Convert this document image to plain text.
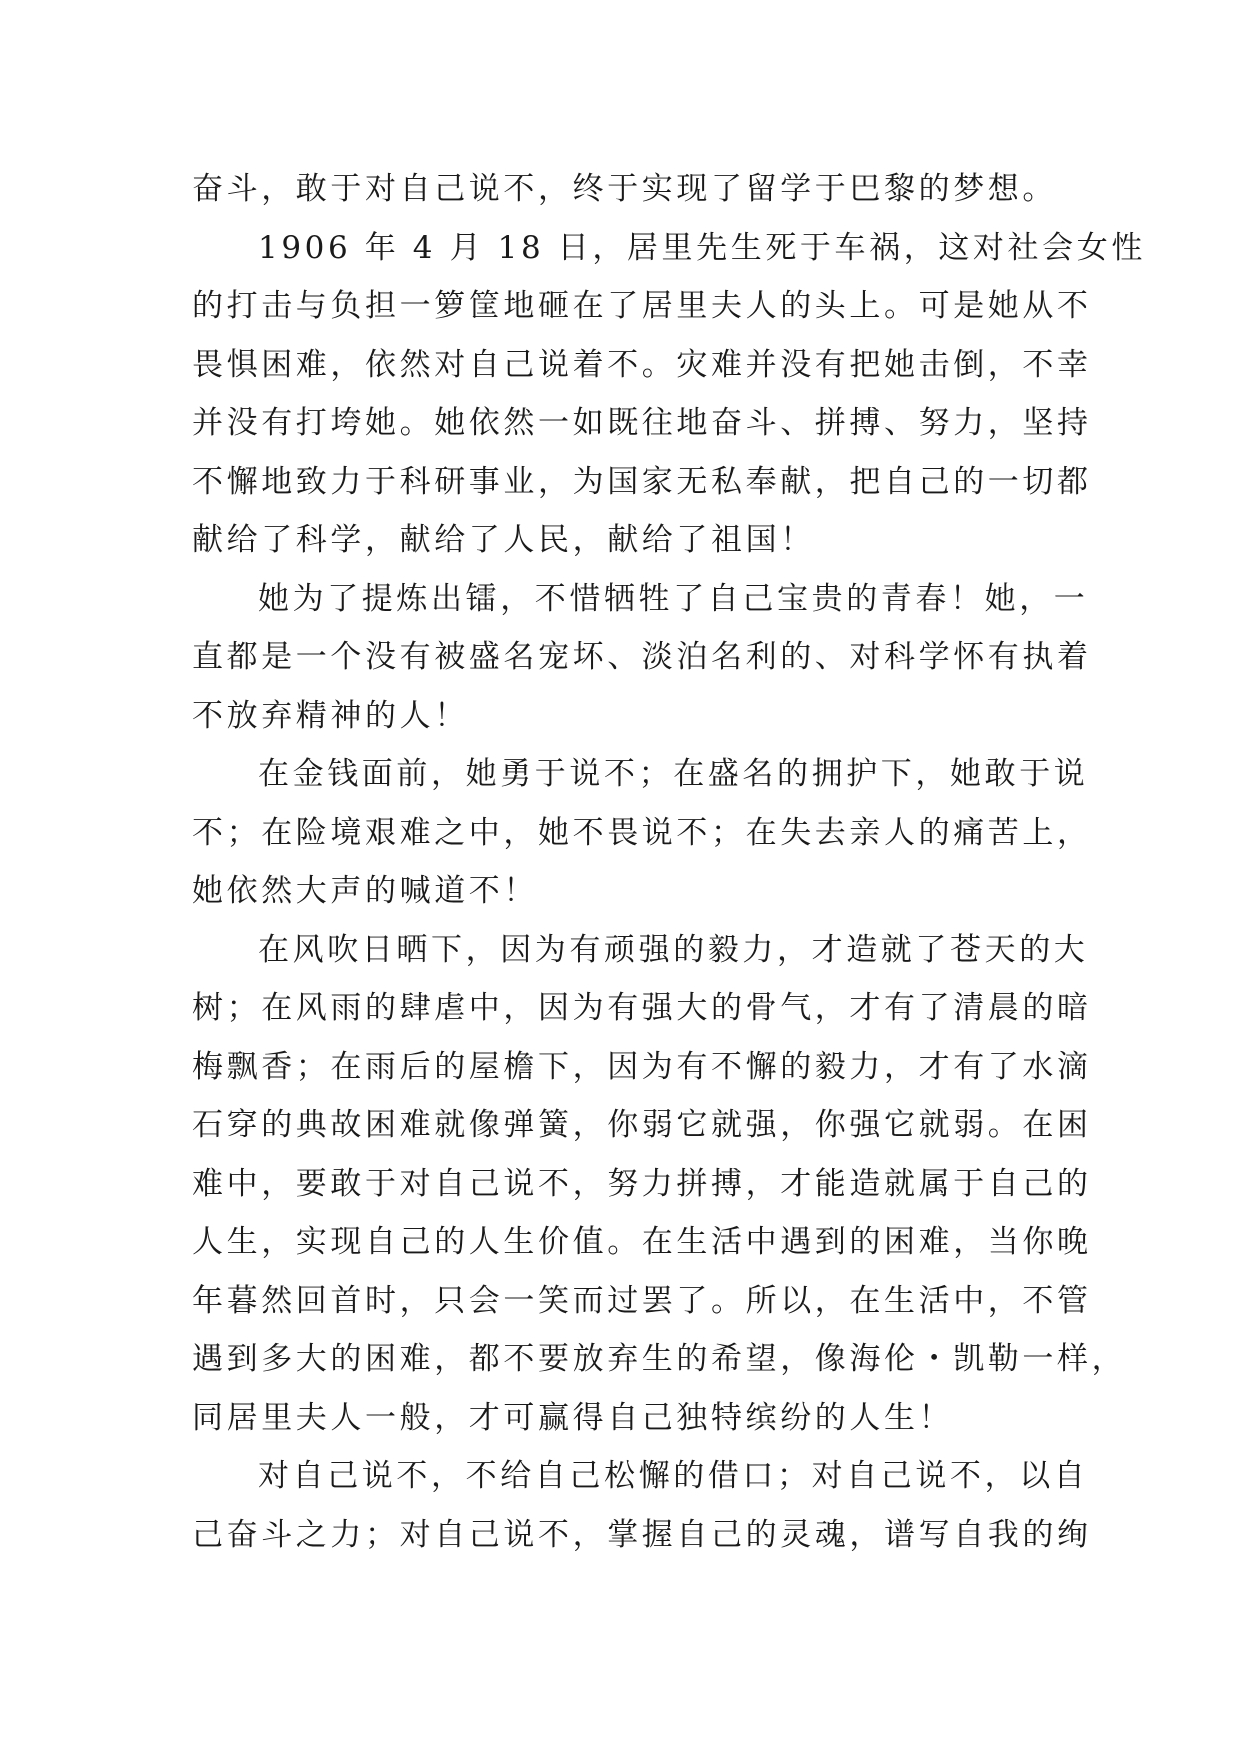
奋斗，敢于对自己说不，终于实现了留学于巴黎的梦想。
1906 年 4 月 18 日，居里先生死于车祸，这对社会女性
的打击与负担一箩筐地砸在了居里夫人的头上。可是她从不
畏惧困难，依然对自己说着不。灾难并没有把她击倒，不幸
并没有打垮她。她依然一如既往地奋斗、拼搏、努力，坚持
不懈地致力于科研事业，为国家无私奉献，把自己的一切都
献给了科学，献给了人民，献给了祖国！
她为了提炼出镭，不惜牺牲了自己宝贵的青春！她，一
直都是一个没有被盛名宠坏、淡泊名利的、对科学怀有执着
不放弃精神的人！
在金钱面前，她勇于说不；在盛名的拥护下，她敢于说
不；在险境艰难之中，她不畏说不；在失去亲人的痛苦上，
她依然大声的喊道不！
在风吹日晒下，因为有顽强的毅力，才造就了苍天的大
树；在风雨的肆虐中，因为有强大的骨气，才有了清晨的暗
梅飘香；在雨后的屋檐下，因为有不懈的毅力，才有了水滴
石穿的典故困难就像弹簧，你弱它就强，你强它就弱。在困
难中，要敢于对自己说不，努力拼搏，才能造就属于自己的
人生，实现自己的人生价值。在生活中遇到的困难，当你晚
年暮然回首时，只会一笑而过罢了。所以，在生活中，不管
遇到多大的困难，都不要放弃生的希望，像海伦・凯勒一样，
同居里夫人一般，才可赢得自己独特缤纷的人生！
对自己说不，不给自己松懈的借口；对自己说不，以自
己奋斗之力；对自己说不，掌握自己的灵魂，谱写自我的绚
